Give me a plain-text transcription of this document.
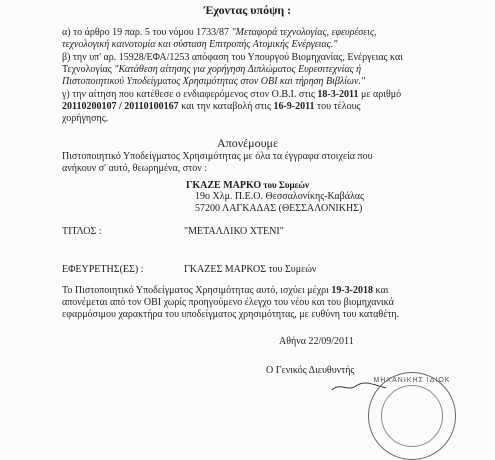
Έχοντας υπόψη :
α) το άρθρο 19 παρ. 5 του νόμου 1733/87 "Μεταφορά τεχνολογίας, εφευρέσεις,
τεχνολογική καινοτομία και σύσταση Επιτροπής Ατομικής Ενέργειας."
β) την υπ' αρ. 15928/ΕΦΑ/1253 απόφαση του Υπουργού Βιομηχανίας, Ενέργειας και
Τεχνολογίας "Κατάθεση αίτησης για χορήγηση Διπλώματος Ευρεσιτεχνίας ή
Πιστοποιητικού Υποδείγματος Χρησιμότητας στον ΟΒΙ και τήρηση Βιβλίων."
γ) την αίτηση που κατέθεσε ο ενδιαφερόμενος στον Ο.Β.Ι. στις 18-3-2011 με αριθμό
20110200107 / 20110100167 και την καταβολή στις 16-9-2011 του τέλους
χορήγησης.
Απονέμουμε
Πιστοποιητικό Υποδείγματος Χρησιμότητας με όλα τα έγγραφα στοιχεία που
ανήκουν σ' αυτό, θεωρημένα, στον :
ΓΚΑΖΕ ΜΑΡΚΟ του Συμεών
19ο Χλμ. Π.Ε.Ο. Θεσσαλονίκης-Καβάλας
57200 ΛΑΓΚΑΔΑΣ (ΘΕΣΣΑΛΟΝΙΚΗΣ)
ΤΙΤΛΟΣ :	"ΜΕΤΑΛΛΙΚΟ ΧΤΕΝΙ"
ΕΦΕΥΡΕΤΗΣ(ΕΣ) :	ΓΚΑΖΕΣ ΜΑΡΚΟΣ του Συμεών
Το Πιστοποιητικό Υποδείγματος Χρησιμότητας αυτό, ισχύει μέχρι 19-3-2018 και
απονέμεται από τον ΟΒΙ χωρίς προηγούμενο έλεγχο του νέου και του βιομηχανικά
εφαρμόσιμου χαρακτήρα του υποδείγματος χρησιμότητας, με ευθύνη του καταθέτη.
Αθήνα 22/09/2011
Ο Γενικός Διευθυντής
ΜΗΧΑΝΙΚΗΣ ΙΔΙΟΚ
